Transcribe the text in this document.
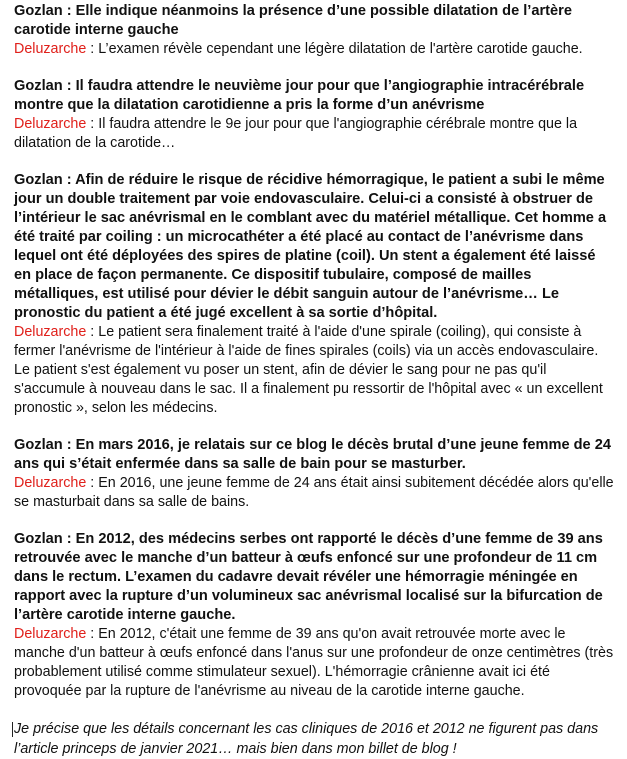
Gozlan : Elle indique néanmoins la présence d’une possible dilatation de l’artère carotide interne gauche

Deluzarche : L’examen révèle cependant une légère dilatation de l'artère carotide gauche.

Gozlan : Il faudra attendre le neuvième jour pour que l’angiographie intracérébrale montre que la dilatation carotidienne a pris la forme d’un anévrisme

Deluzarche : Il faudra attendre le 9e jour pour que l'angiographie cérébrale montre que la dilatation de la carotide…

Gozlan : Afin de réduire le risque de récidive hémorragique, le patient a subi le même jour un double traitement par voie endovasculaire. Celui-ci a consisté à obstruer de l’intérieur le sac anévrismal en le comblant avec du matériel métallique. Cet homme a été traité par coiling : un microcathéter a été placé au contact de l’anévrisme dans lequel ont été déployées des spires de platine (coil). Un stent a également été laissé en place de façon permanente. Ce dispositif tubulaire, composé de mailles métalliques, est utilisé pour dévier le débit sanguin autour de l’anévrisme… Le pronostic du patient a été jugé excellent à sa sortie d’hôpital.

Deluzarche : Le patient sera finalement traité à l'aide d'une spirale (coiling), qui consiste à fermer l'anévrisme de l'intérieur à l'aide de fines spirales (coils) via un accès endovasculaire. Le patient s'est également vu poser un stent, afin de dévier le sang pour ne pas qu'il s'accumule à nouveau dans le sac. Il a finalement pu ressortir de l'hôpital avec « un excellent pronostic », selon les médecins.

Gozlan : En mars 2016, je relatais sur ce blog le décès brutal d’une jeune femme de 24 ans qui s’était enfermée dans sa salle de bain pour se masturber.

Deluzarche : En 2016, une jeune femme de 24 ans était ainsi subitement décédée alors qu'elle se masturbait dans sa salle de bains.

Gozlan : En 2012, des médecins serbes ont rapporté le décès d’une femme de 39 ans retrouvée avec le manche d’un batteur à œufs enfoncé sur une profondeur de 11 cm dans le rectum. L’examen du cadavre devait révéler une hémorragie méningée en rapport avec la rupture d’un volumineux sac anévrismal localisé sur la bifurcation de l’artère carotide interne gauche.

Deluzarche : En 2012, c'était une femme de 39 ans qu'on avait retrouvée morte avec le manche d'un batteur à œufs enfoncé dans l'anus sur une profondeur de onze centimètres (très probablement utilisé comme stimulateur sexuel). L'hémorragie crânienne avait ici été provoquée par la rupture de l'anévrisme au niveau de la carotide interne gauche.

Je précise que les détails concernant les cas cliniques de 2016 et 2012 ne figurent pas dans l’article princeps de janvier 2021… mais bien dans mon billet de blog !
